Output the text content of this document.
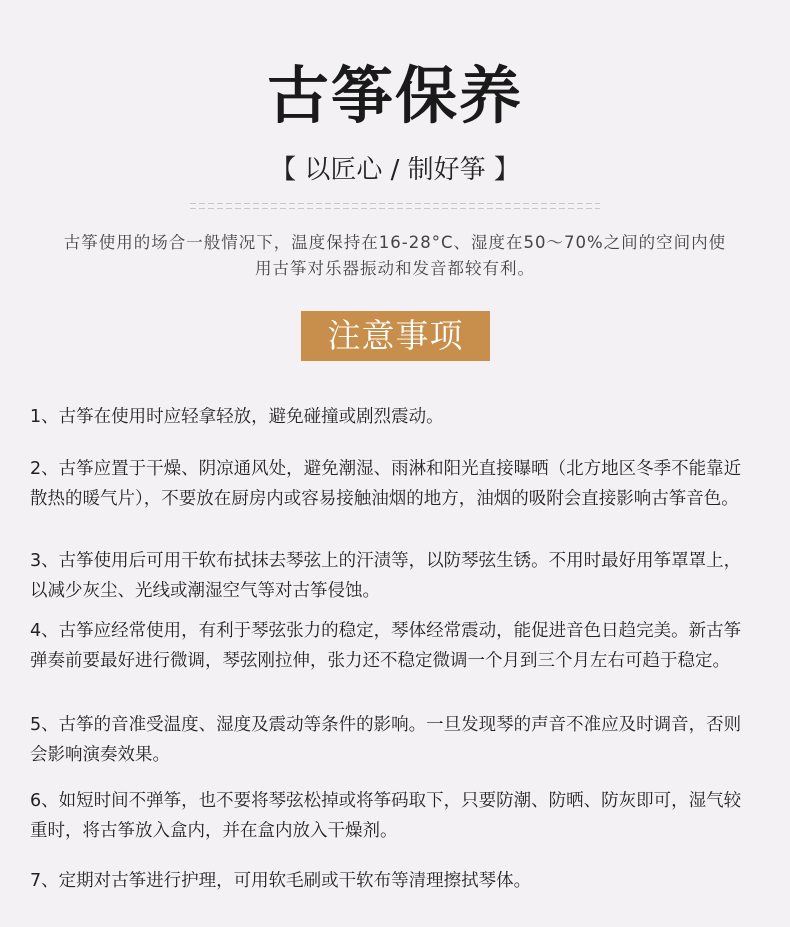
古筝保养
【 以匠心 / 制好筝 】
古筝使用的场合一般情况下，温度保持在16-28°C、湿度在50～70%之间的空间内使用古筝对乐器振动和发音都较有利。
注意事项

1、古筝在使用时应轻拿轻放，避免碰撞或剧烈震动。

2、古筝应置于干燥、阴凉通风处，避免潮湿、雨淋和阳光直接曝晒（北方地区冬季不能靠近散热的暖气片），不要放在厨房内或容易接触油烟的地方，油烟的吸附会直接影响古筝音色。

3、古筝使用后可用干软布拭抹去琴弦上的汗渍等，以防琴弦生锈。不用时最好用筝罩罩上，以减少灰尘、光线或潮湿空气等对古筝侵蚀。

4、古筝应经常使用，有利于琴弦张力的稳定，琴体经常震动，能促进音色日趋完美。新古筝弹奏前要最好进行微调，琴弦刚拉伸，张力还不稳定微调一个月到三个月左右可趋于稳定。

5、古筝的音准受温度、湿度及震动等条件的影响。一旦发现琴的声音不准应及时调音，否则会影响演奏效果。

6、如短时间不弹筝，也不要将琴弦松掉或将筝码取下，只要防潮、防晒、防灰即可，湿气较重时，将古筝放入盒内，并在盒内放入干燥剂。

7、定期对古筝进行护理，可用软毛刷或干软布等清理擦拭琴体。
